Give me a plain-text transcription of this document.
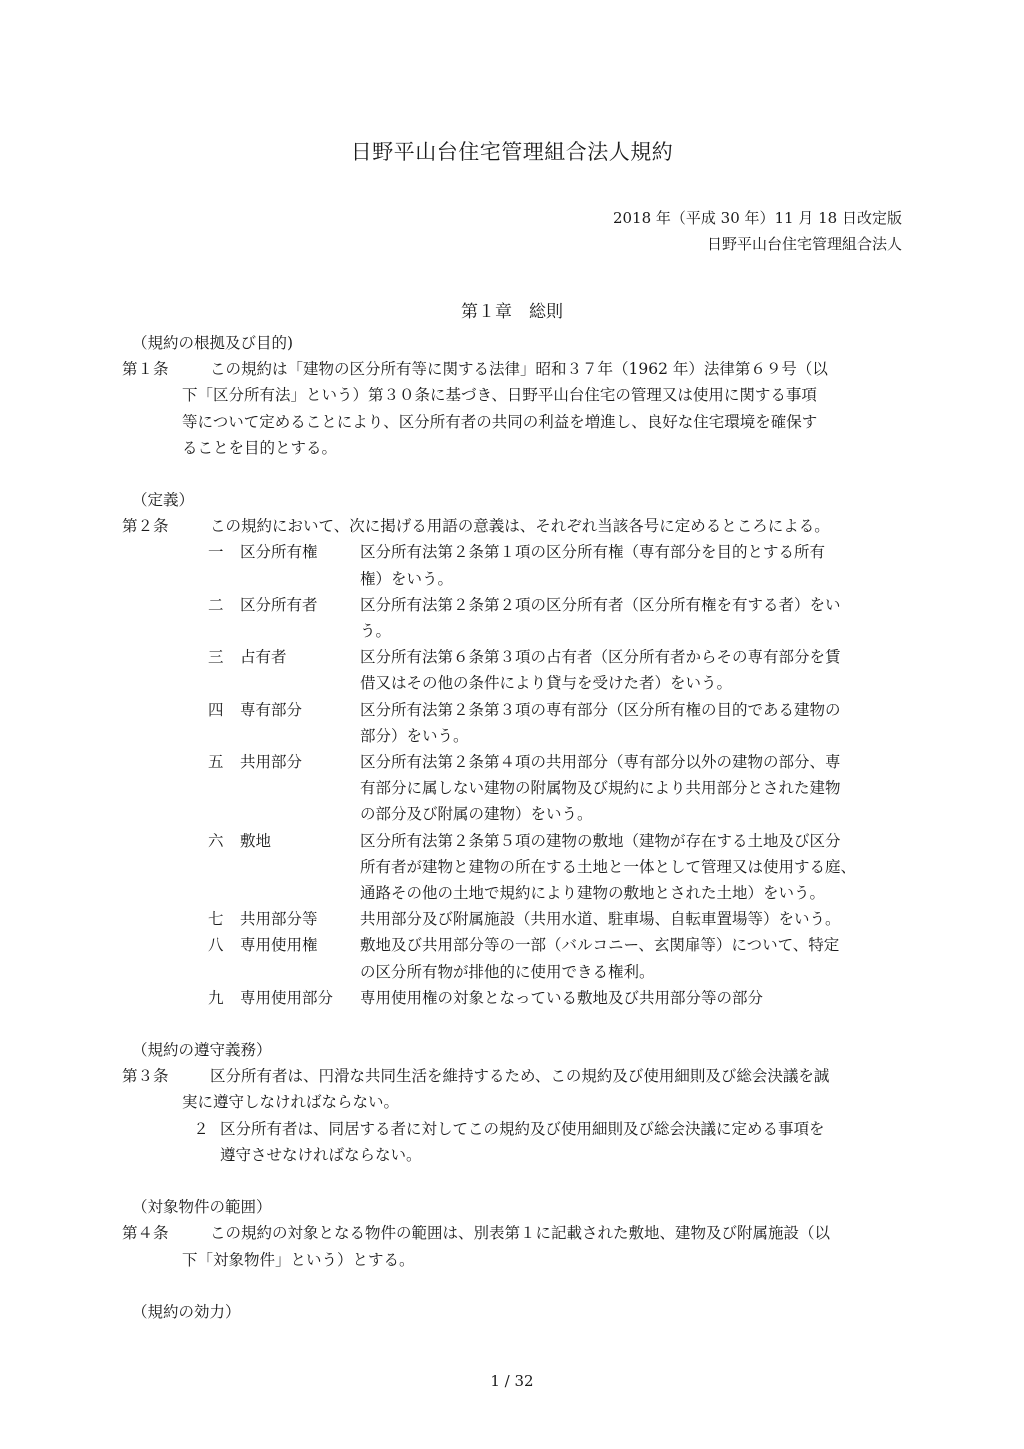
日野平山台住宅管理組合法人規約
2018 年（平成 30 年）11 月 18 日改定版
日野平山台住宅管理組合法人
第１章　総則
（規約の根拠及び目的)
第１条	この規約は「建物の区分所有等に関する法律」昭和３７年（1962 年）法律第６９号（以
下「区分所有法」という）第３０条に基づき、日野平山台住宅の管理又は使用に関する事項
等について定めることにより、区分所有者の共同の利益を増進し、良好な住宅環境を確保す
ることを目的とする。
（定義）
第２条	この規約において、次に掲げる用語の意義は、それぞれ当該各号に定めるところによる。
一	区分所有権	区分所有法第２条第１項の区分所有権（専有部分を目的とする所有
権）をいう。
二	区分所有者	区分所有法第２条第２項の区分所有者（区分所有権を有する者）をい
う。
三	占有者	区分所有法第６条第３項の占有者（区分所有者からその専有部分を賃
借又はその他の条件により貸与を受けた者）をいう。
四	専有部分	区分所有法第２条第３項の専有部分（区分所有権の目的である建物の
部分）をいう。
五	共用部分	区分所有法第２条第４項の共用部分（専有部分以外の建物の部分、専
有部分に属しない建物の附属物及び規約により共用部分とされた建物
の部分及び附属の建物）をいう。
六	敷地	区分所有法第２条第５項の建物の敷地（建物が存在する土地及び区分
所有者が建物と建物の所在する土地と一体として管理又は使用する庭、
通路その他の土地で規約により建物の敷地とされた土地）をいう。
七	共用部分等	共用部分及び附属施設（共用水道、駐車場、自転車置場等）をいう。
八	専用使用権	敷地及び共用部分等の一部（バルコニー、玄関扉等）について、特定
の区分所有物が排他的に使用できる権利。
九	専用使用部分	専用使用権の対象となっている敷地及び共用部分等の部分
（規約の遵守義務）
第３条	区分所有者は、円滑な共同生活を維持するため、この規約及び使用細則及び総会決議を誠
実に遵守しなければならない。
２ 区分所有者は、同居する者に対してこの規約及び使用細則及び総会決議に定める事項を
遵守させなければならない。
（対象物件の範囲）
第４条	この規約の対象となる物件の範囲は、別表第１に記載された敷地、建物及び附属施設（以
下「対象物件」という）とする。
（規約の効力）
1 / 32
